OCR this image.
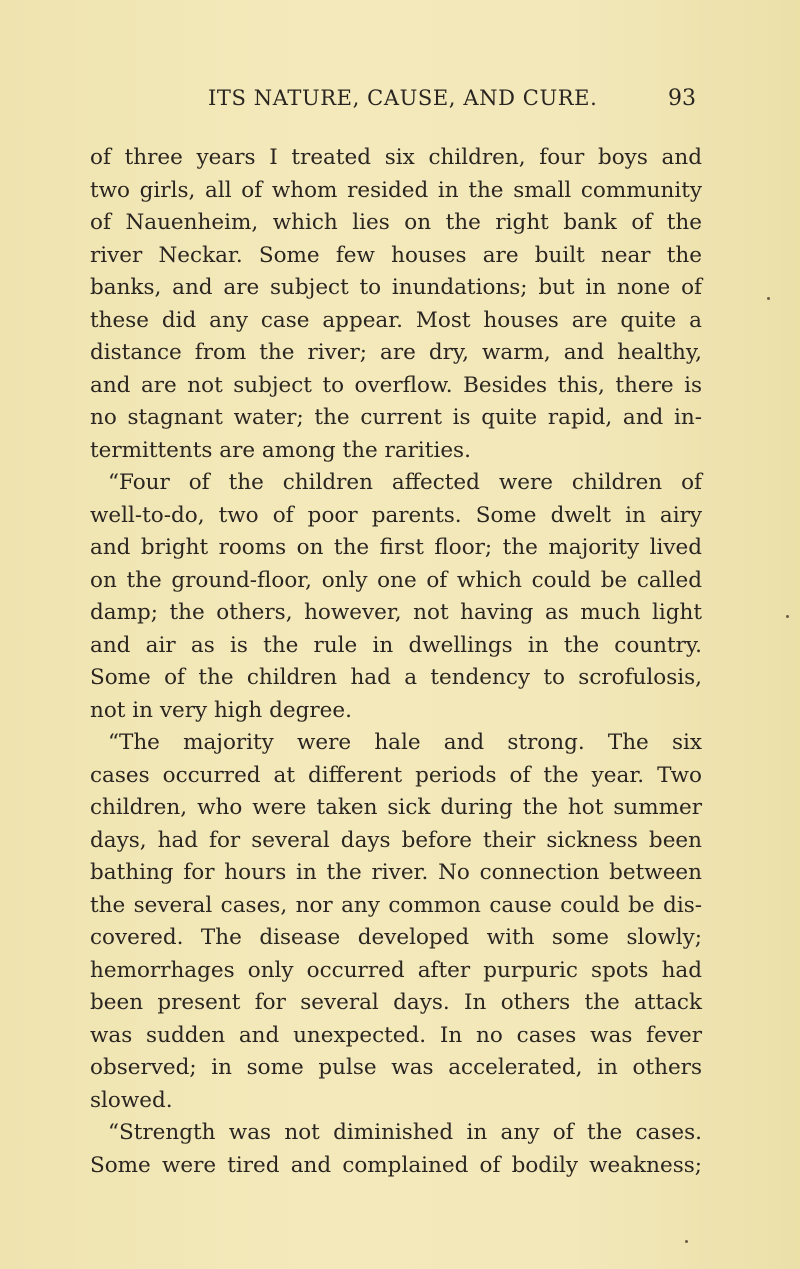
ITS NATURE, CAUSE, AND CURE.	93
of three years I treated six children, four boys and
two girls, all of whom resided in the small community
of Nauenheim, which lies on the right bank of the
river Neckar. Some few houses are built near the
banks, and are subject to inundations; but in none of
these did any case appear. Most houses are quite a
distance from the river; are dry, warm, and healthy,
and are not subject to overflow. Besides this, there is
no stagnant water; the current is quite rapid, and in-
termittents are among the rarities.
“Four of the children affected were children of
well-to-do, two of poor parents. Some dwelt in airy
and bright rooms on the first floor; the majority lived
on the ground-floor, only one of which could be called
damp; the others, however, not having as much light
and air as is the rule in dwellings in the country.
Some of the children had a tendency to scrofulosis,
not in very high degree.
“The majority were hale and strong. The six
cases occurred at different periods of the year. Two
children, who were taken sick during the hot summer
days, had for several days before their sickness been
bathing for hours in the river. No connection between
the several cases, nor any common cause could be dis-
covered. The disease developed with some slowly;
hemorrhages only occurred after purpuric spots had
been present for several days. In others the attack
was sudden and unexpected. In no cases was fever
observed; in some pulse was accelerated, in others
slowed.
“Strength was not diminished in any of the cases.
Some were tired and complained of bodily weakness;
